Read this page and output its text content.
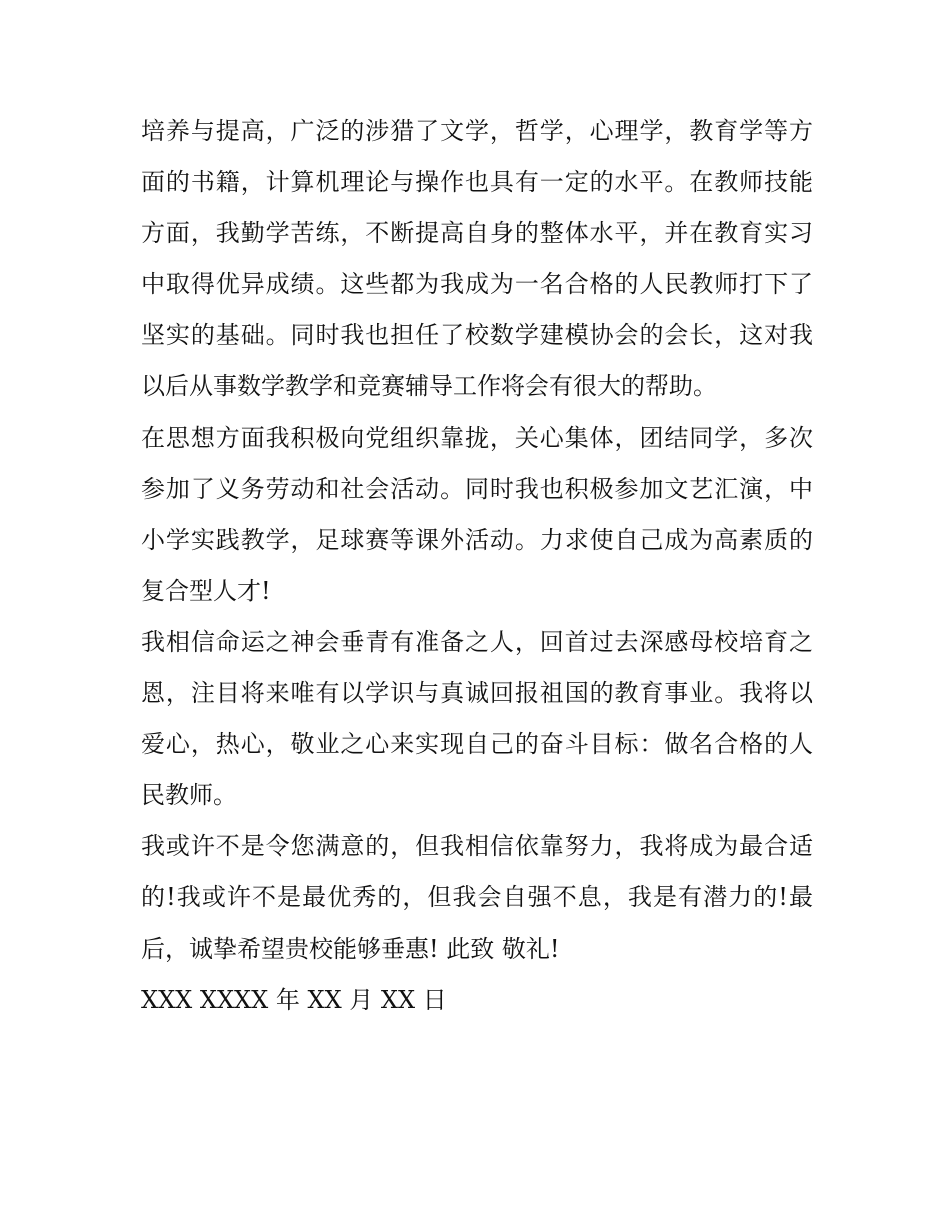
培养与提高，广泛的涉猎了文学，哲学，心理学，教育学等方
面的书籍，计算机理论与操作也具有一定的水平。在教师技能
方面，我勤学苦练，不断提高自身的整体水平，并在教育实习
中取得优异成绩。这些都为我成为一名合格的人民教师打下了
坚实的基础。同时我也担任了校数学建模协会的会长，这对我
以后从事数学教学和竞赛辅导工作将会有很大的帮助。

在思想方面我积极向党组织靠拢，关心集体，团结同学，多次
参加了义务劳动和社会活动。同时我也积极参加文艺汇演，中
小学实践教学，足球赛等课外活动。力求使自己成为高素质的
复合型人才!

我相信命运之神会垂青有准备之人，回首过去深感母校培育之
恩，注目将来唯有以学识与真诚回报祖国的教育事业。我将以
爱心，热心，敬业之心来实现自己的奋斗目标：做名合格的人
民教师。

我或许不是令您满意的，但我相信依靠努力，我将成为最合适
的!我或许不是最优秀的，但我会自强不息，我是有潜力的!最
后，诚挚希望贵校能够垂惠! 此致 敬礼!

XXX XXXX 年 XX 月 XX 日
